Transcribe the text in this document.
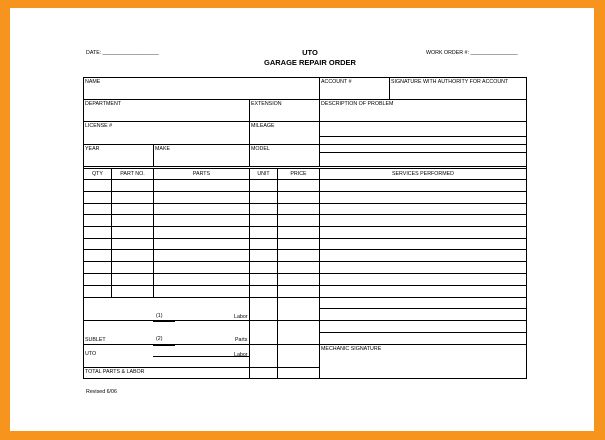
DATE: ___________________	UTO
GARAGE REPAIR ORDER
WORK ORDER #: ________________
NAME	ACCOUNT #	SIGNATURE WITH AUTHORITY FOR ACCOUNT
DEPARTMENT	EXTENSION	DESCRIPTION OF PROBLEM
LICENSE #	MILEAGE
YEAR	MAKE	MODEL
QTY	PART NO.	PARTS	UNIT	PRICE	SERVICES PERFORMED
(1)	Labor
SUBLET	(2)	Parts
UTO	Labor
TOTAL PARTS & LABOR
MECHANIC SIGNATURE
Revised 6/06
